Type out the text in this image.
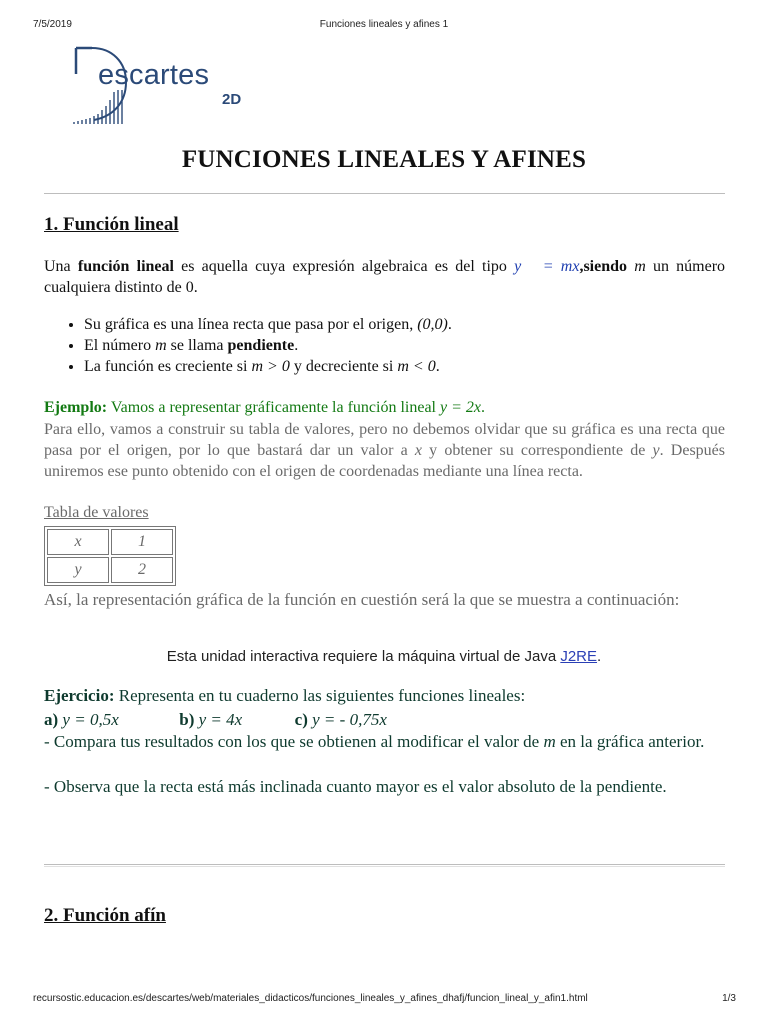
7/5/2019	Funciones lineales y afines 1
escartes
2D
FUNCIONES LINEALES Y AFINES
1. Función lineal

Una función lineal es aquella cuya expresión algebraica es del tipo y = mx,siendo m un número cualquiera distinto de 0.

• Su gráfica es una línea recta que pasa por el origen, (0,0).
• El número m se llama pendiente.
• La función es creciente si m > 0 y decreciente si m < 0.

Ejemplo: Vamos a representar gráficamente la función lineal y = 2x.

Para ello, vamos a construir su tabla de valores, pero no debemos olvidar que su gráfica es una recta que pasa por el origen, por lo que bastará dar un valor a x y obtener su correspondiente de y. Después uniremos ese punto obtenido con el origen de coordenadas mediante una línea recta.

Tabla de valores
x	1
y	2

Así, la representación gráfica de la función en cuestión será la que se muestra a continuación:

Esta unidad interactiva requiere la máquina virtual de Java J2RE.

Ejercicio: Representa en tu cuaderno las siguientes funciones lineales:

a) y = 0,5x	b) y = 4x	c) y = - 0,75x

- Compara tus resultados con los que se obtienen al modificar el valor de m en la gráfica anterior.

- Observa que la recta está más inclinada cuanto mayor es el valor absoluto de la pendiente.

2. Función afín
recursostic.educacion.es/descartes/web/materiales_didacticos/funciones_lineales_y_afines_dhafj/funcion_lineal_y_afin1.html	1/3
